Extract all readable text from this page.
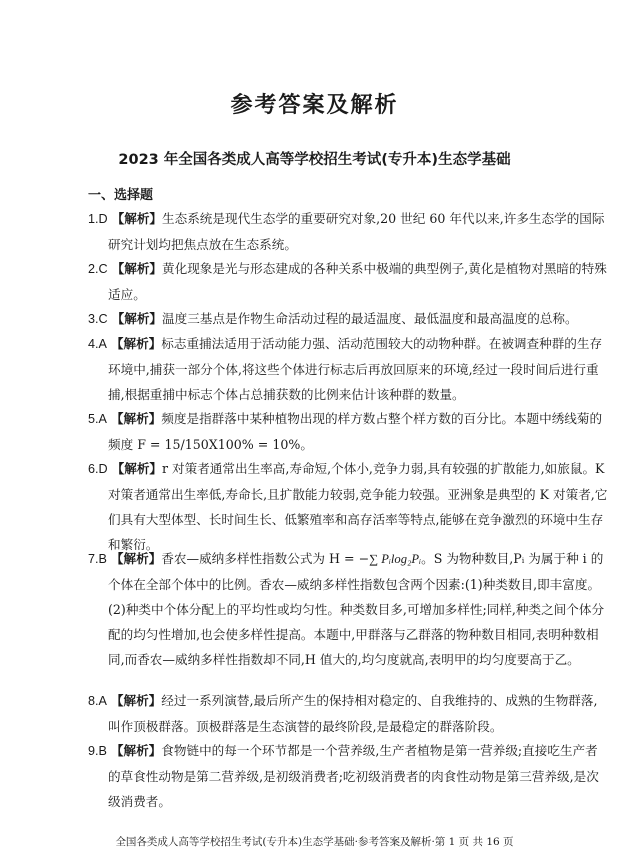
参考答案及解析
2023 年全国各类成人高等学校招生考试(专升本)生态学基础
一、选择题

1.D 【解析】生态系统是现代生态学的重要研究对象,20 世纪 60 年代以来,许多生态学的国际研究计划均把焦点放在生态系统。

2.C 【解析】黄化现象是光与形态建成的各种关系中极端的典型例子,黄化是植物对黑暗的特殊适应。

3.C 【解析】温度三基点是作物生命活动过程的最适温度、最低温度和最高温度的总称。

4.A 【解析】标志重捕法适用于活动能力强、活动范围较大的动物种群。在被调查种群的生存环境中,捕获一部分个体,将这些个体进行标志后再放回原来的环境,经过一段时间后进行重捕,根据重捕中标志个体占总捕获数的比例来估计该种群的数量。

5.A 【解析】频度是指群落中某种植物出现的样方数占整个样方数的百分比。本题中绣线菊的频度 F = 15/150X100% = 10%。

6.D 【解析】r 对策者通常出生率高,寿命短,个体小,竞争力弱,具有较强的扩散能力,如旅鼠。K 对策者通常出生率低,寿命长,且扩散能力较弱,竞争能力较强。亚洲象是典型的 K 对策者,它们具有大型体型、长时间生长、低繁殖率和高存活率等特点,能够在竞争激烈的环境中生存和繁衍。

7.B 【解析】香农—威纳多样性指数公式为 H = −∑ Pᵢlog₂Pᵢ。S 为物种数目,Pᵢ 为属于种 i 的个体在全部个体中的比例。香农—威纳多样性指数包含两个因素:(1)种类数目,即丰富度。(2)种类中个体分配上的平均性或均匀性。种类数目多,可增加多样性;同样,种类之间个体分配的均匀性增加,也会使多样性提高。本题中,甲群落与乙群落的物种数目相同,表明种数相同,而香农—威纳多样性指数却不同,H 值大的,均匀度就高,表明甲的均匀度要高于乙。

8.A 【解析】经过一系列演替,最后所产生的保持相对稳定的、自我维持的、成熟的生物群落,叫作顶极群落。顶极群落是生态演替的最终阶段,是最稳定的群落阶段。

9.B 【解析】食物链中的每一个环节都是一个营养级,生产者植物是第一营养级;直接吃生产者的草食性动物是第二营养级,是初级消费者;吃初级消费者的肉食性动物是第三营养级,是次级消费者。

全国各类成人高等学校招生考试(专升本)生态学基础·参考答案及解析·第 1 页 共 16 页
